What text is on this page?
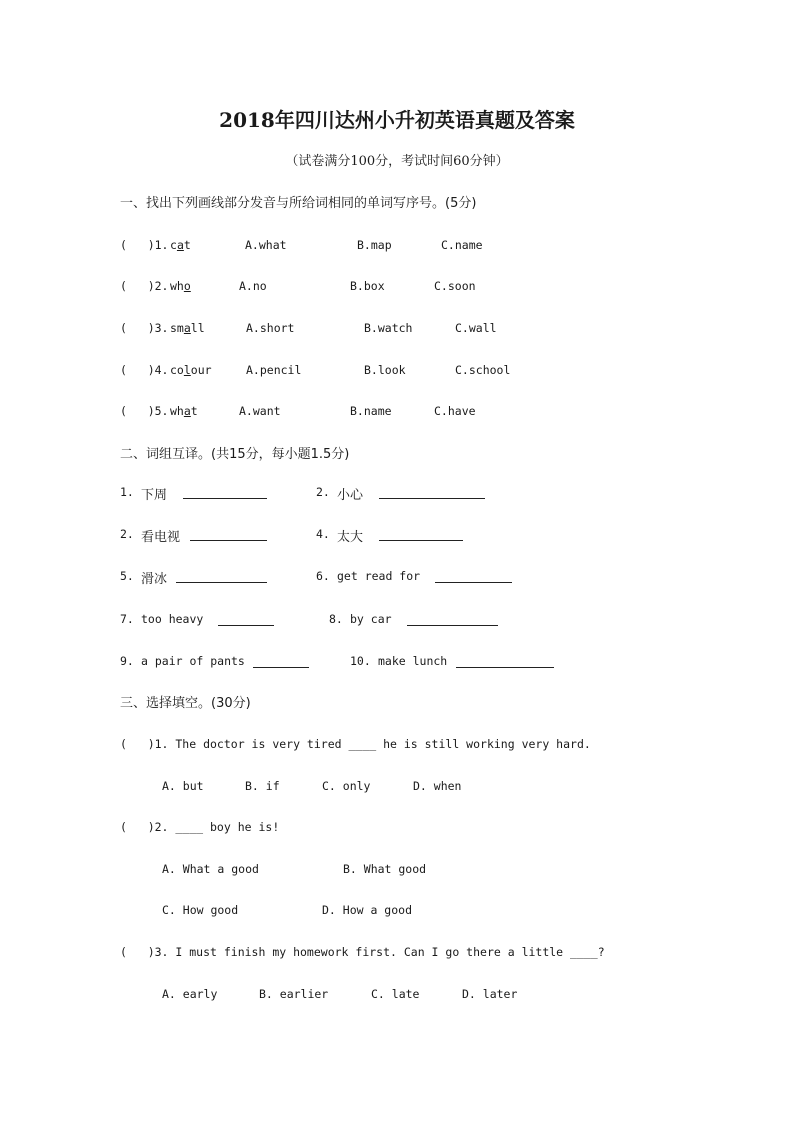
2018年四川达州小升初英语真题及答案
（试卷满分100分，考试时间60分钟）
一、找出下列画线部分发音与所给词相同的单词写序号。(5分)
(   )1. cat	A.what	B.map	C.name
(   )2. who	A.no	B.box	C.soon
(   )3. small	A.short	B.watch	C.wall
(   )4. colour	A.pencil	B.look	C.school
(   )5. what	A.want	B.name	C.have
二、词组互译。(共15分，每小题1.5分)
1. 下周	2. 小心
2. 看电视	4. 太大
5. 滑冰	6. get read for
7. too heavy	8. by car
9. a pair of pants	10. make lunch
三、选择填空。(30分)
(   )1. The doctor is very tired ____ he is still working very hard.
A. but	B. if	C. only	D. when
(   )2. ____ boy he is!
A. What a good	B. What good
C. How good	D. How a good
(   )3. I must finish my homework first. Can I go there a little ____?
A. early	B. earlier	C. late	D. later
